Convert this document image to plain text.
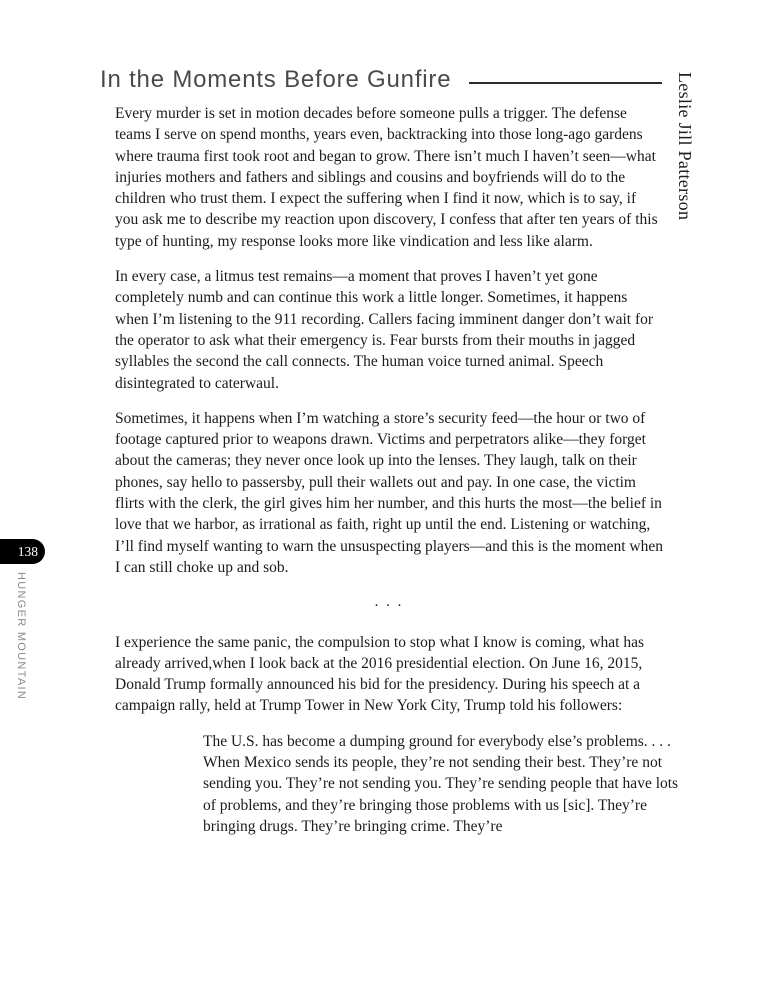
In the Moments Before Gunfire	Leslie Jill Patterson
138
HUNGER MOUNTAIN

Every murder is set in motion decades before someone pulls a trigger. The defense teams I serve on spend months, years even, backtracking into those long-ago gardens where trauma first took root and began to grow. There isn’t much I haven’t seen—what injuries mothers and fathers and siblings and cousins and boyfriends will do to the children who trust them. I expect the suffering when I find it now, which is to say, if you ask me to describe my reaction upon discovery, I confess that after ten years of this type of hunting, my response looks more like vindication and less like alarm.

In every case, a litmus test remains—a moment that proves I haven’t yet gone completely numb and can continue this work a little longer. Sometimes, it happens when I’m listening to the 911 recording. Callers facing imminent danger don’t wait for the operator to ask what their emergency is. Fear bursts from their mouths in jagged syllables the second the call connects. The human voice turned animal. Speech disintegrated to caterwaul.

Sometimes, it happens when I’m watching a store’s security feed—the hour or two of footage captured prior to weapons drawn. Victims and perpetrators alike—they forget about the cameras; they never once look up into the lenses. They laugh, talk on their phones, say hello to passersby, pull their wallets out and pay. In one case, the victim flirts with the clerk, the girl gives him her number, and this hurts the most—the belief in love that we harbor, as irrational as faith, right up until the end. Listening or watching, I’ll find myself wanting to warn the unsuspecting players—and this is the moment when I can still choke up and sob.

. . .

I experience the same panic, the compulsion to stop what I know is coming, what has already arrived,when I look back at the 2016 presidential election. On June 16, 2015, Donald Trump formally announced his bid for the presidency. During his speech at a campaign rally, held at Trump Tower in New York City, Trump told his followers:

The U.S. has become a dumping ground for everybody else’s problems. . . . When Mexico sends its people, they’re not sending their best. They’re not sending you. They’re not sending you. They’re sending people that have lots of problems, and they’re bringing those problems with us [sic]. They’re bringing drugs. They’re bringing crime. They’re
